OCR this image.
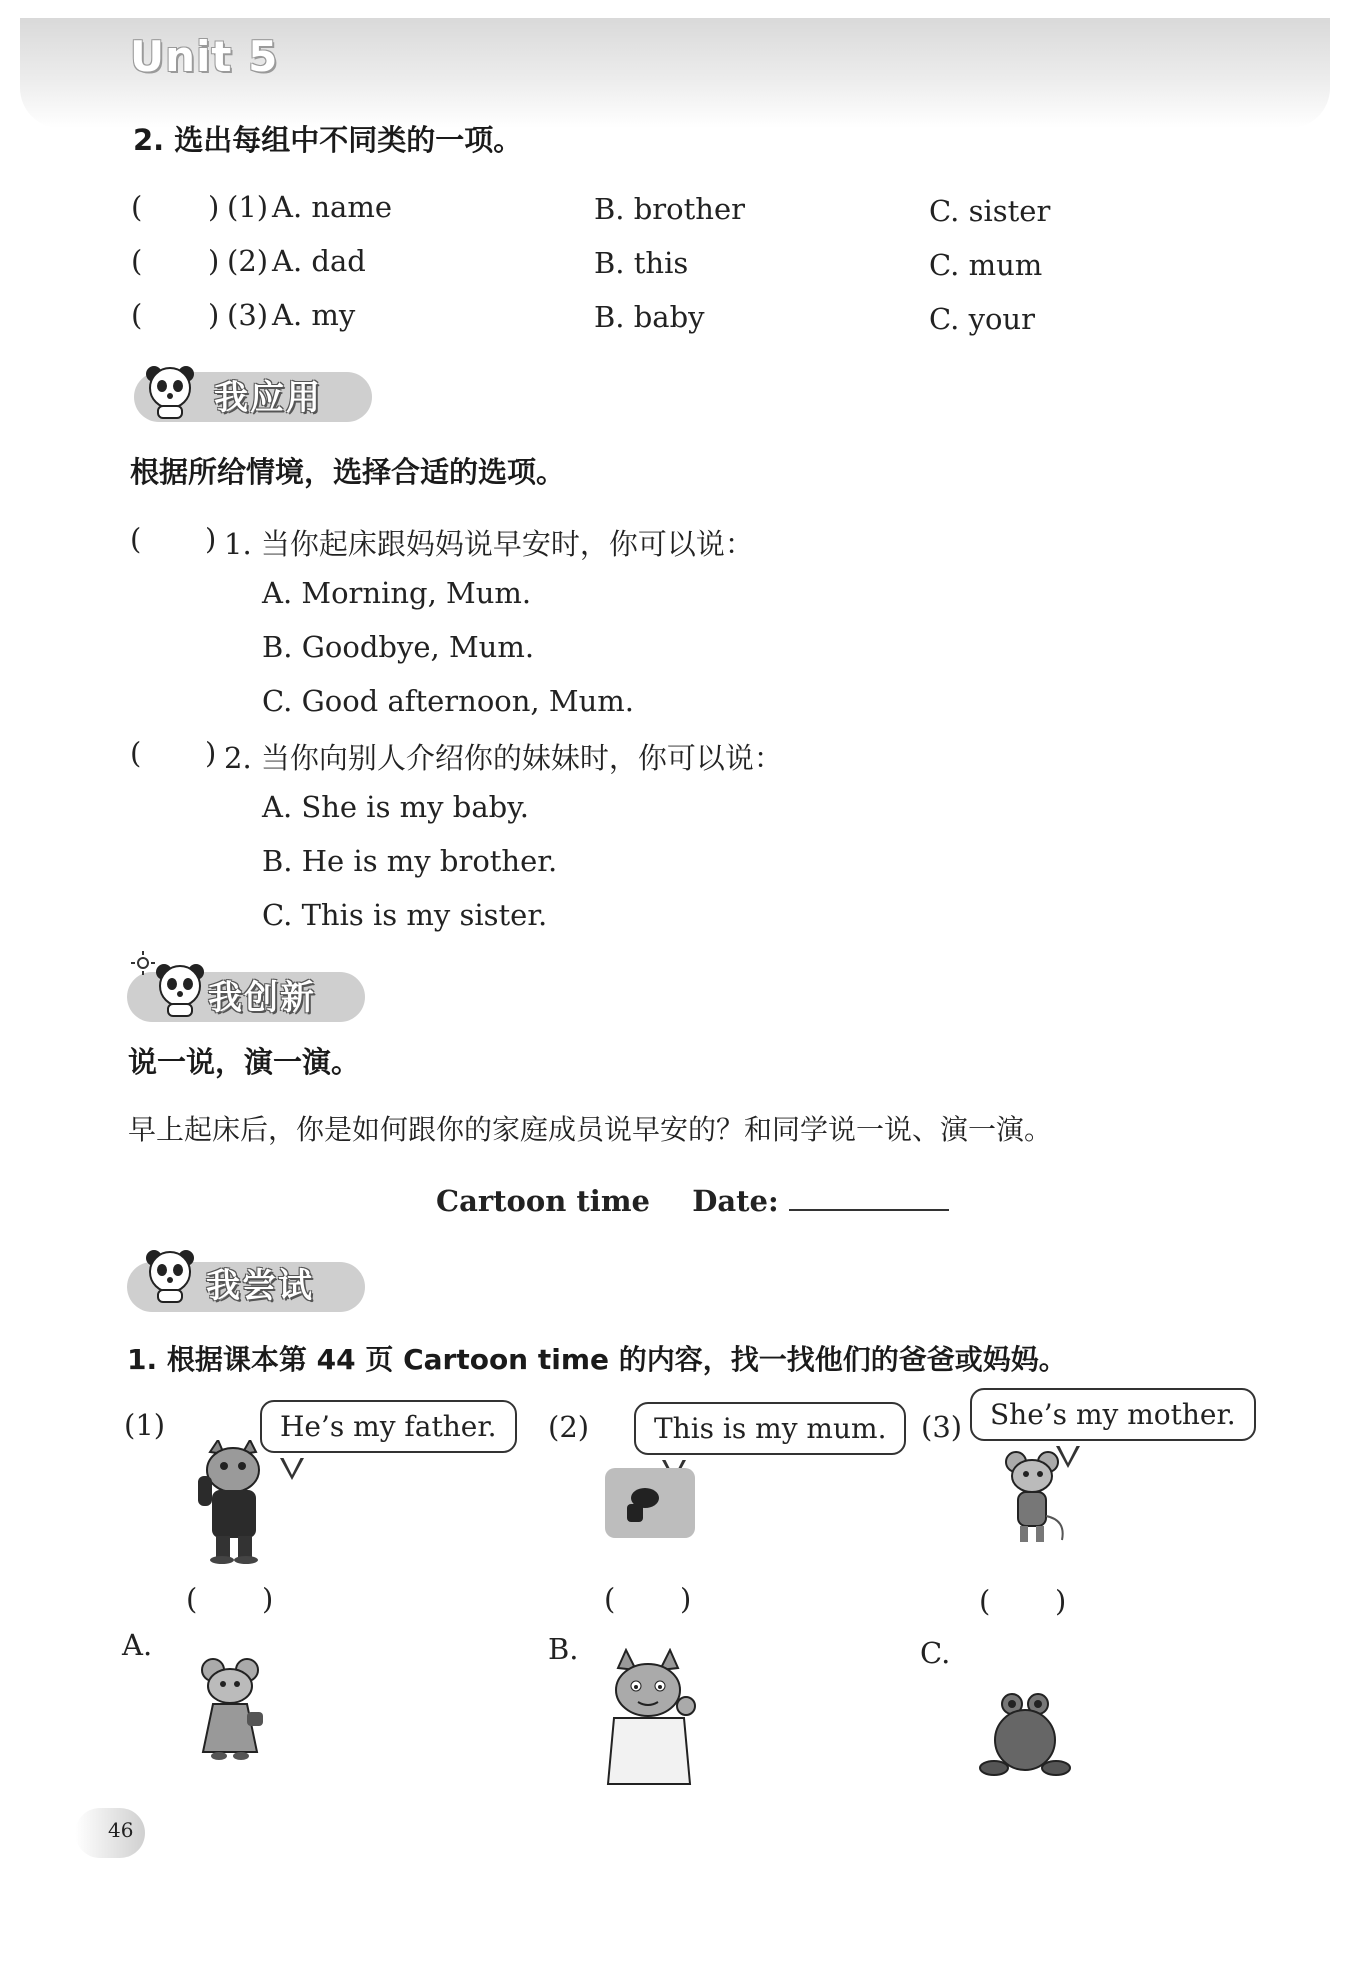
Unit 5
2. 选出每组中不同类的一项。
( ) (1) A. name	B. brother	C. sister
( ) (2) A. dad	B. this	C. mum
( ) (3) A. my	B. baby	C. your
我应用
根据所给情境，选择合适的选项。
( ) 1. 当你起床跟妈妈说早安时，你可以说：
A. Morning, Mum.
B. Goodbye, Mum.
C. Good afternoon, Mum.
( ) 2. 当你向别人介绍你的妹妹时，你可以说：
A. She is my baby.
B. He is my brother.
C. This is my sister.
我创新
说一说，演一演。
早上起床后，你是如何跟你的家庭成员说早安的？和同学说一说、演一演。
Cartoon time Date:
我尝试
1. 根据课本第 44 页 Cartoon time 的内容，找一找他们的爸爸或妈妈。
(1)	He’s my father.
( )
(2)	This is my mum.
( )
(3) She’s my mother.
( )
A.	B.	C.
46
